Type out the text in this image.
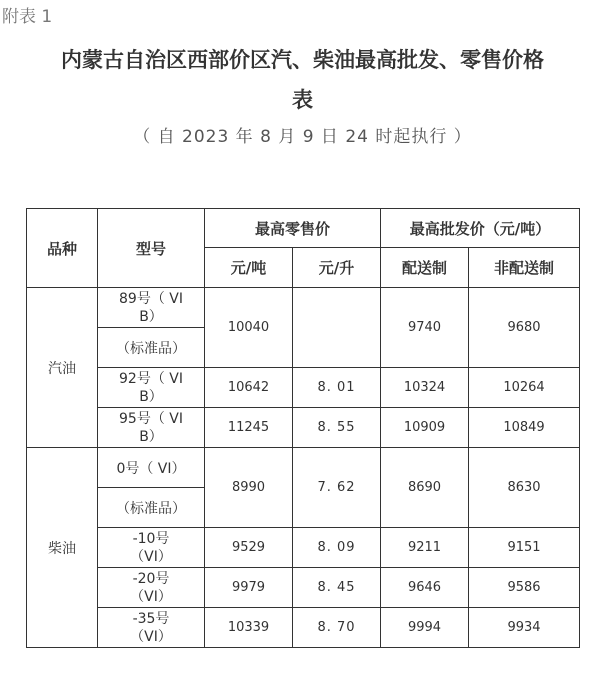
附表 1
内蒙古自治区西部价区汽、柴油最高批发、零售价格
表
（ 自 2023 年 8 月 9 日 24 时起执行 ）
品种	型号	最高零售价		最高批发价（元/吨）	
		元/吨	元/升	配送制	非配送制
汽油	89号（ VI
B）	10040		9740	9680
	（标准品）				

	92号（ VI
B）	10642	8. 01	10324	10264

	95号（ VI
B）	11245	8. 55	10909	10849
柴油	0号（ VI）	8990	7. 62	8690	8630
	（标准品）				

	-10号
（VI）	9529	8. 09	9211	9151

	-20号
（VI）	9979	8. 45	9646	9586

	-35号
（VI）	10339	8. 70	9994	9934
